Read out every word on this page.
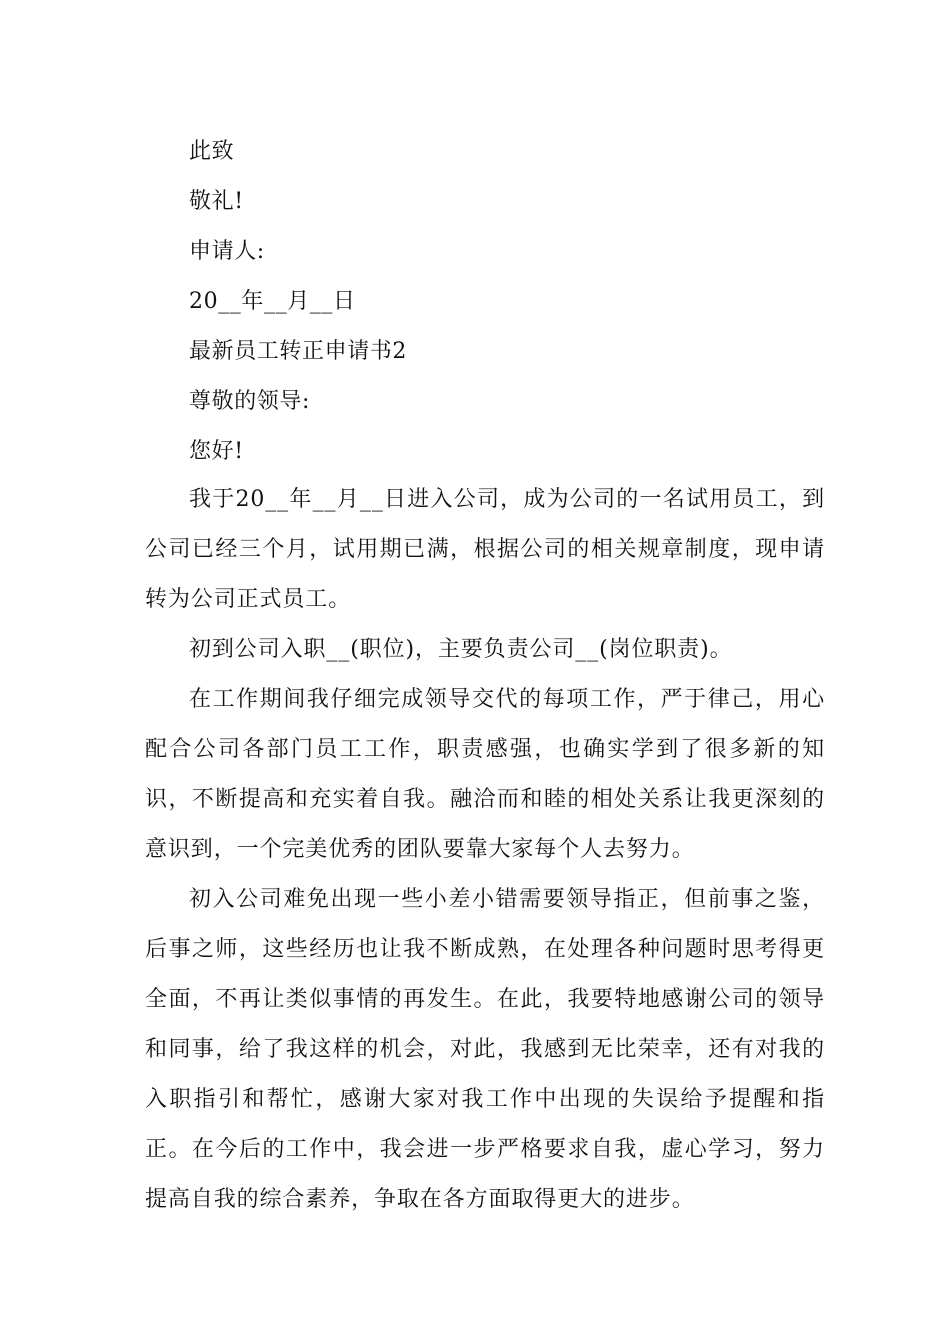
此致

敬礼!

申请人:

20__年__月__日

最新员工转正申请书2

尊敬的领导:

您好!

我于20__年__月__日进入公司，成为公司的一名试用员工，到公司已经三个月，试用期已满，根据公司的相关规章制度，现申请转为公司正式员工。

初到公司入职__(职位)，主要负责公司__(岗位职责)。

在工作期间我仔细完成领导交代的每项工作，严于律己，用心配合公司各部门员工工作，职责感强，也确实学到了很多新的知识，不断提高和充实着自我。融洽而和睦的相处关系让我更深刻的意识到，一个完美优秀的团队要靠大家每个人去努力。

初入公司难免出现一些小差小错需要领导指正，但前事之鉴，后事之师，这些经历也让我不断成熟，在处理各种问题时思考得更全面，不再让类似事情的再发生。在此，我要特地感谢公司的领导和同事，给了我这样的机会，对此，我感到无比荣幸，还有对我的入职指引和帮忙，感谢大家对我工作中出现的失误给予提醒和指正。在今后的工作中，我会进一步严格要求自我，虚心学习，努力提高自我的综合素养，争取在各方面取得更大的进步。
